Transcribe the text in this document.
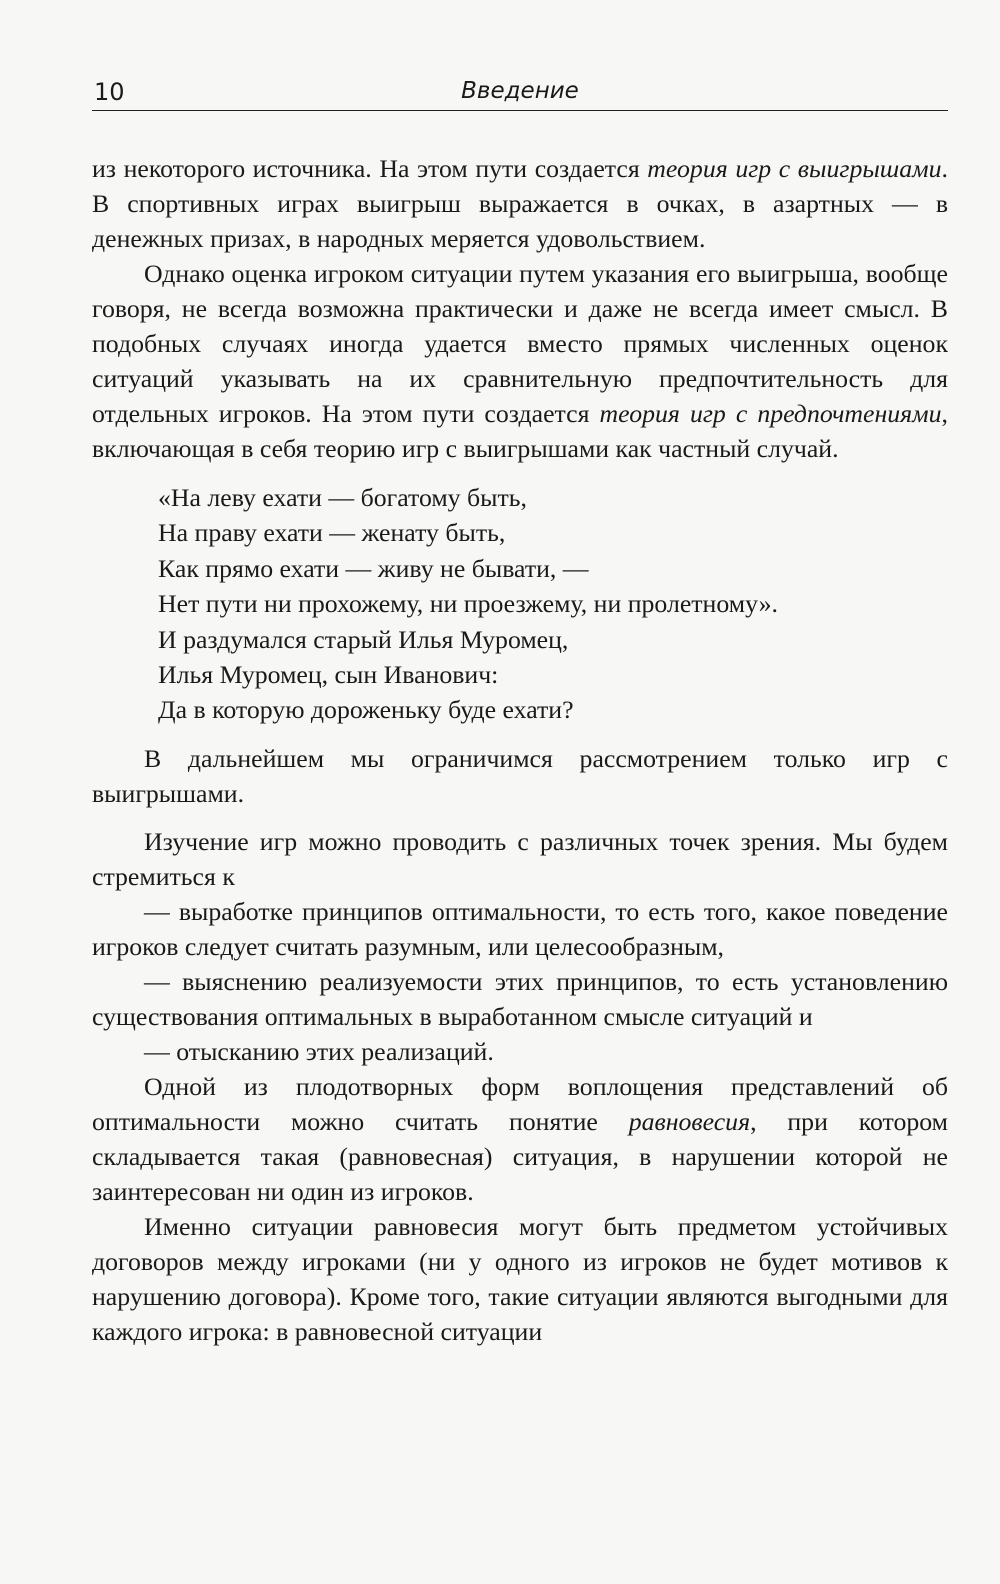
10	Введение

из некоторого источника. На этом пути создается теория игр с выигрышами. В спортивных играх выигрыш выражается в очках, в азартных — в денежных призах, в народных меряется удовольствием.

Однако оценка игроком ситуации путем указания его выигрыша, вообще говоря, не всегда возможна практически и даже не всегда имеет смысл. В подобных случаях иногда удается вместо прямых численных оценок ситуаций указывать на их сравнительную предпочтительность для отдельных игроков. На этом пути создается теория игр с предпочтениями, включающая в себя теорию игр с выигрышами как частный случай.

«На леву ехати — богатому быть,
На праву ехати — женату быть,
Как прямо ехати — живу не бывати, —
Нет пути ни прохожему, ни проезжему, ни пролетному».
И раздумался старый Илья Муромец,
Илья Муромец, сын Иванович:
Да в которую дороженьку буде ехати?

В дальнейшем мы ограничимся рассмотрением только игр с выигрышами.

Изучение игр можно проводить с различных точек зрения. Мы будем стремиться к

— выработке принципов оптимальности, то есть того, какое поведение игроков следует считать разумным, или целесообразным,

— выяснению реализуемости этих принципов, то есть установлению существования оптимальных в выработанном смысле ситуаций и

— отысканию этих реализаций.

Одной из плодотворных форм воплощения представлений об оптимальности можно считать понятие равновесия, при котором складывается такая (равновесная) ситуация, в нарушении которой не заинтересован ни один из игроков.

Именно ситуации равновесия могут быть предметом устойчивых договоров между игроками (ни у одного из игроков не будет мотивов к нарушению договора). Кроме того, такие ситуации являются выгодными для каждого игрока: в равновесной ситуации
